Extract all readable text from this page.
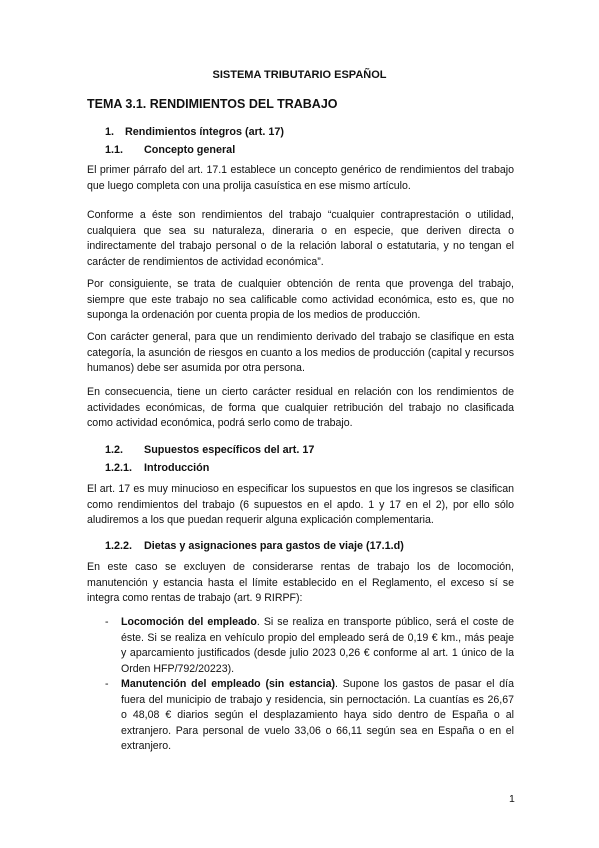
SISTEMA TRIBUTARIO ESPAÑOL
TEMA 3.1. RENDIMIENTOS DEL TRABAJO
1. Rendimientos íntegros (art. 17)
1.1. Concepto general

El primer párrafo del art. 17.1 establece un concepto genérico de rendimientos del trabajo que luego completa con una prolija casuística en ese mismo artículo.

Conforme a éste son rendimientos del trabajo “cualquier contraprestación o utilidad, cualquiera que sea su naturaleza, dineraria o en especie, que deriven directa o indirectamente del trabajo personal o de la relación laboral o estatutaria, y no tengan el carácter de rendimientos de actividad económica”.

Por consiguiente, se trata de cualquier obtención de renta que provenga del trabajo, siempre que este trabajo no sea calificable como actividad económica, esto es, que no suponga la ordenación por cuenta propia de los medios de producción.

Con carácter general, para que un rendimiento derivado del trabajo se clasifique en esta categoría, la asunción de riesgos en cuanto a los medios de producción (capital y recursos humanos) debe ser asumida por otra persona.

En consecuencia, tiene un cierto carácter residual en relación con los rendimientos de actividades económicas, de forma que cualquier retribución del trabajo no clasificada como actividad económica, podrá serlo como de trabajo.

1.2. Supuestos específicos del art. 17
1.2.1. Introducción

El art. 17 es muy minucioso en especificar los supuestos en que los ingresos se clasifican como rendimientos del trabajo (6 supuestos en el apdo. 1 y 17 en el 2), por ello sólo aludiremos a los que puedan requerir alguna explicación complementaria.

1.2.2. Dietas y asignaciones para gastos de viaje (17.1.d)

En este caso se excluyen de considerarse rentas de trabajo los de locomoción, manutención y estancia hasta el límite establecido en el Reglamento, el exceso sí se integra como rentas de trabajo (art. 9 RIRPF):

- Locomoción del empleado. Si se realiza en transporte público, será el coste de éste. Si se realiza en vehículo propio del empleado será de 0,19 € km., más peaje y aparcamiento justificados (desde julio 2023 0,26 € conforme al art. 1 único de la Orden HFP/792/20223).
- Manutención del empleado (sin estancia). Supone los gastos de pasar el día fuera del municipio de trabajo y residencia, sin pernoctación. La cuantías es 26,67 o 48,08 € diarios según el desplazamiento haya sido dentro de España o al extranjero. Para personal de vuelo 33,06 o 66,11 según sea en España o en el extranjero.
1
